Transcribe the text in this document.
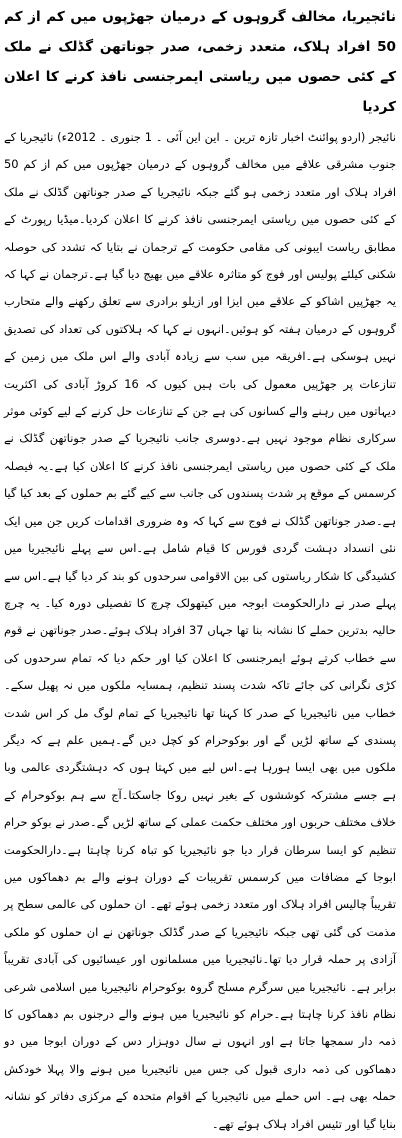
نائجیریا، مخالف گروہوں کے درمیان جھڑپوں میں کم از کم 50 افراد ہلاک، متعدد زخمی، صدر جوناتھن گڈلک نے ملک کے کئی حصوں میں ریاستی ایمرجنسی نافذ کرنے کا اعلان کردیا

نائیجر (اردو پوائنٹ اخبار تازہ ترین ۔ این این آئی ۔ 1 جنوری ۔ 2012ء) نائیجریا کے جنوب مشرقی علاقے میں مخالف گروہوں کے درمیان جھڑپوں میں کم از کم 50 افراد ہلاک اور متعدد زخمی ہو گئے جبکہ نائیجریا کے صدر جوناتھن گڈلک نے ملک کے کئی حصوں میں ریاستی ایمرجنسی نافذ کرنے کا اعلان کردیا۔میڈیا رپورٹ کے مطابق ریاست ایبونی کی مقامی حکومت کے ترجمان نے بتایا کہ تشدد کی حوصلہ شکنی کیلئے پولیس اور فوج کو متاثرہ علاقے میں بھیج دیا گیا ہے۔ترجمان نے کہا کہ یہ جھڑپیں اشاکو کے علاقے میں ایزا اور ازیلو برادری سے تعلق رکھنے والے متحارب گروہوں کے درمیان ہفتہ کو ہوئیں۔انہوں نے کہا کہ ہلاکتوں کی تعداد کی تصدیق نہیں ہوسکی ہے۔افریقہ میں سب سے زیادہ آبادی والے اس ملک میں زمین کے تنازعات پر جھڑپیں معمول کی بات ہیں کیوں کہ 16 کروڑ آبادی کی اکثریت دیہاتوں میں رہنے والے کسانوں کی ہے جن کے تنازعات حل کرنے کے لیے کوئی موثر سرکاری نظام موجود نہیں ہے۔دوسری جانب نائیجریا کے صدر جوناتھن گڈلک نے ملک کے کئی حصوں میں ریاستی ایمرجنسی نافذ کرنے کا اعلان کیا ہے۔یہ فیصلہ کرسمس کے موقع پر شدت پسندوں کی جانب سے کیے گئے بم حملوں کے بعد کیا گیا ہے۔صدر جوناتھن گڈلک نے فوج سے کہا کہ وہ ضروری اقدامات کریں جن میں ایک نئی انسداد دہشت گردی فورس کا قیام شامل ہے۔اس سے پہلے نائیجیریا میں کشیدگی کا شکار ریاستوں کی بین الاقوامی سرحدوں کو بند کر دیا گیا ہے۔اس سے پہلے صدر نے دارالحکومت ابوجہ میں کیتھولک چرچ کا تفصیلی دورہ کیا۔ یہ چرچ حالیہ بدترین حملے کا نشانہ بنا تھا جہاں 37 افراد ہلاک ہوئے۔صدر جوناتھن نے قوم سے خطاب کرتے ہوئے ایمرجنسی کا اعلان کیا اور حکم دیا کہ تمام سرحدوں کی کڑی نگرانی کی جائے تاکہ شدت پسند تنظیم، ہمسایہ ملکوں میں نہ پھیل سکے۔خطاب میں نائیجیریا کے صدر کا کہنا تھا نائیجیریا کے تمام لوگ مل کر اس شدت پسندی کے ساتھ لڑیں گے اور بوکوحرام کو کچل دیں گے۔ہمیں علم ہے کہ دیگر ملکوں میں بھی ایسا ہورہا ہے۔اس لیے میں کہتا ہوں کہ دہشتگردی عالمی وبا ہے جسے مشترکہ کوششوں کے بغیر نہیں روکا جاسکتا۔آج سے ہم بوکوحرام کے خلاف مختلف حربوں اور مختلف حکمت عملی کے ساتھ لڑیں گے۔صدر نے بوکو حرام تنظیم کو ایسا سرطان قرار دیا جو نائیجیریا کو تباہ کرنا چاہتا ہے۔دارالحکومت ابوجا کے مضافات میں کرسمس تقریبات کے دوران ہونے والے بم دھماکوں میں تقریباً چالیس افراد ہلاک اور متعدد زخمی ہوئے تھے۔ ان حملوں کی عالمی سطح پر مذمت کی گئی تھی جبکہ نائیجیریا کے صدر گڈلک جوناتھن نے ان حملوں کو ملکی آزادی پر حملہ قرار دیا تھا۔نائیجیریا میں مسلمانوں اور عیسائیوں کی آبادی تقریباً برابر ہے۔ نائیجیریا میں سرگرم مسلح گروہ بوکوحرام نائیجیریا میں اسلامی شرعی نظام نافذ کرنا چاہتا ہے۔حرام کو نائیجیریا میں ہونے والے درجنوں بم دھماکوں کا ذمہ دار سمجھا جاتا ہے اور انہوں نے سال دوہزار دس کے دوران ابوجا میں دو دھماکوں کی ذمہ داری قبول کی جس میں نائیجیریا میں ہونے والا پہلا خودکش حملہ بھی ہے۔ اس حملے میں نائیجیریا کے اقوام متحدہ کے مرکزی دفاتر کو نشانہ بنایا گیا اور تئیس افراد ہلاک ہوئے تھے۔
